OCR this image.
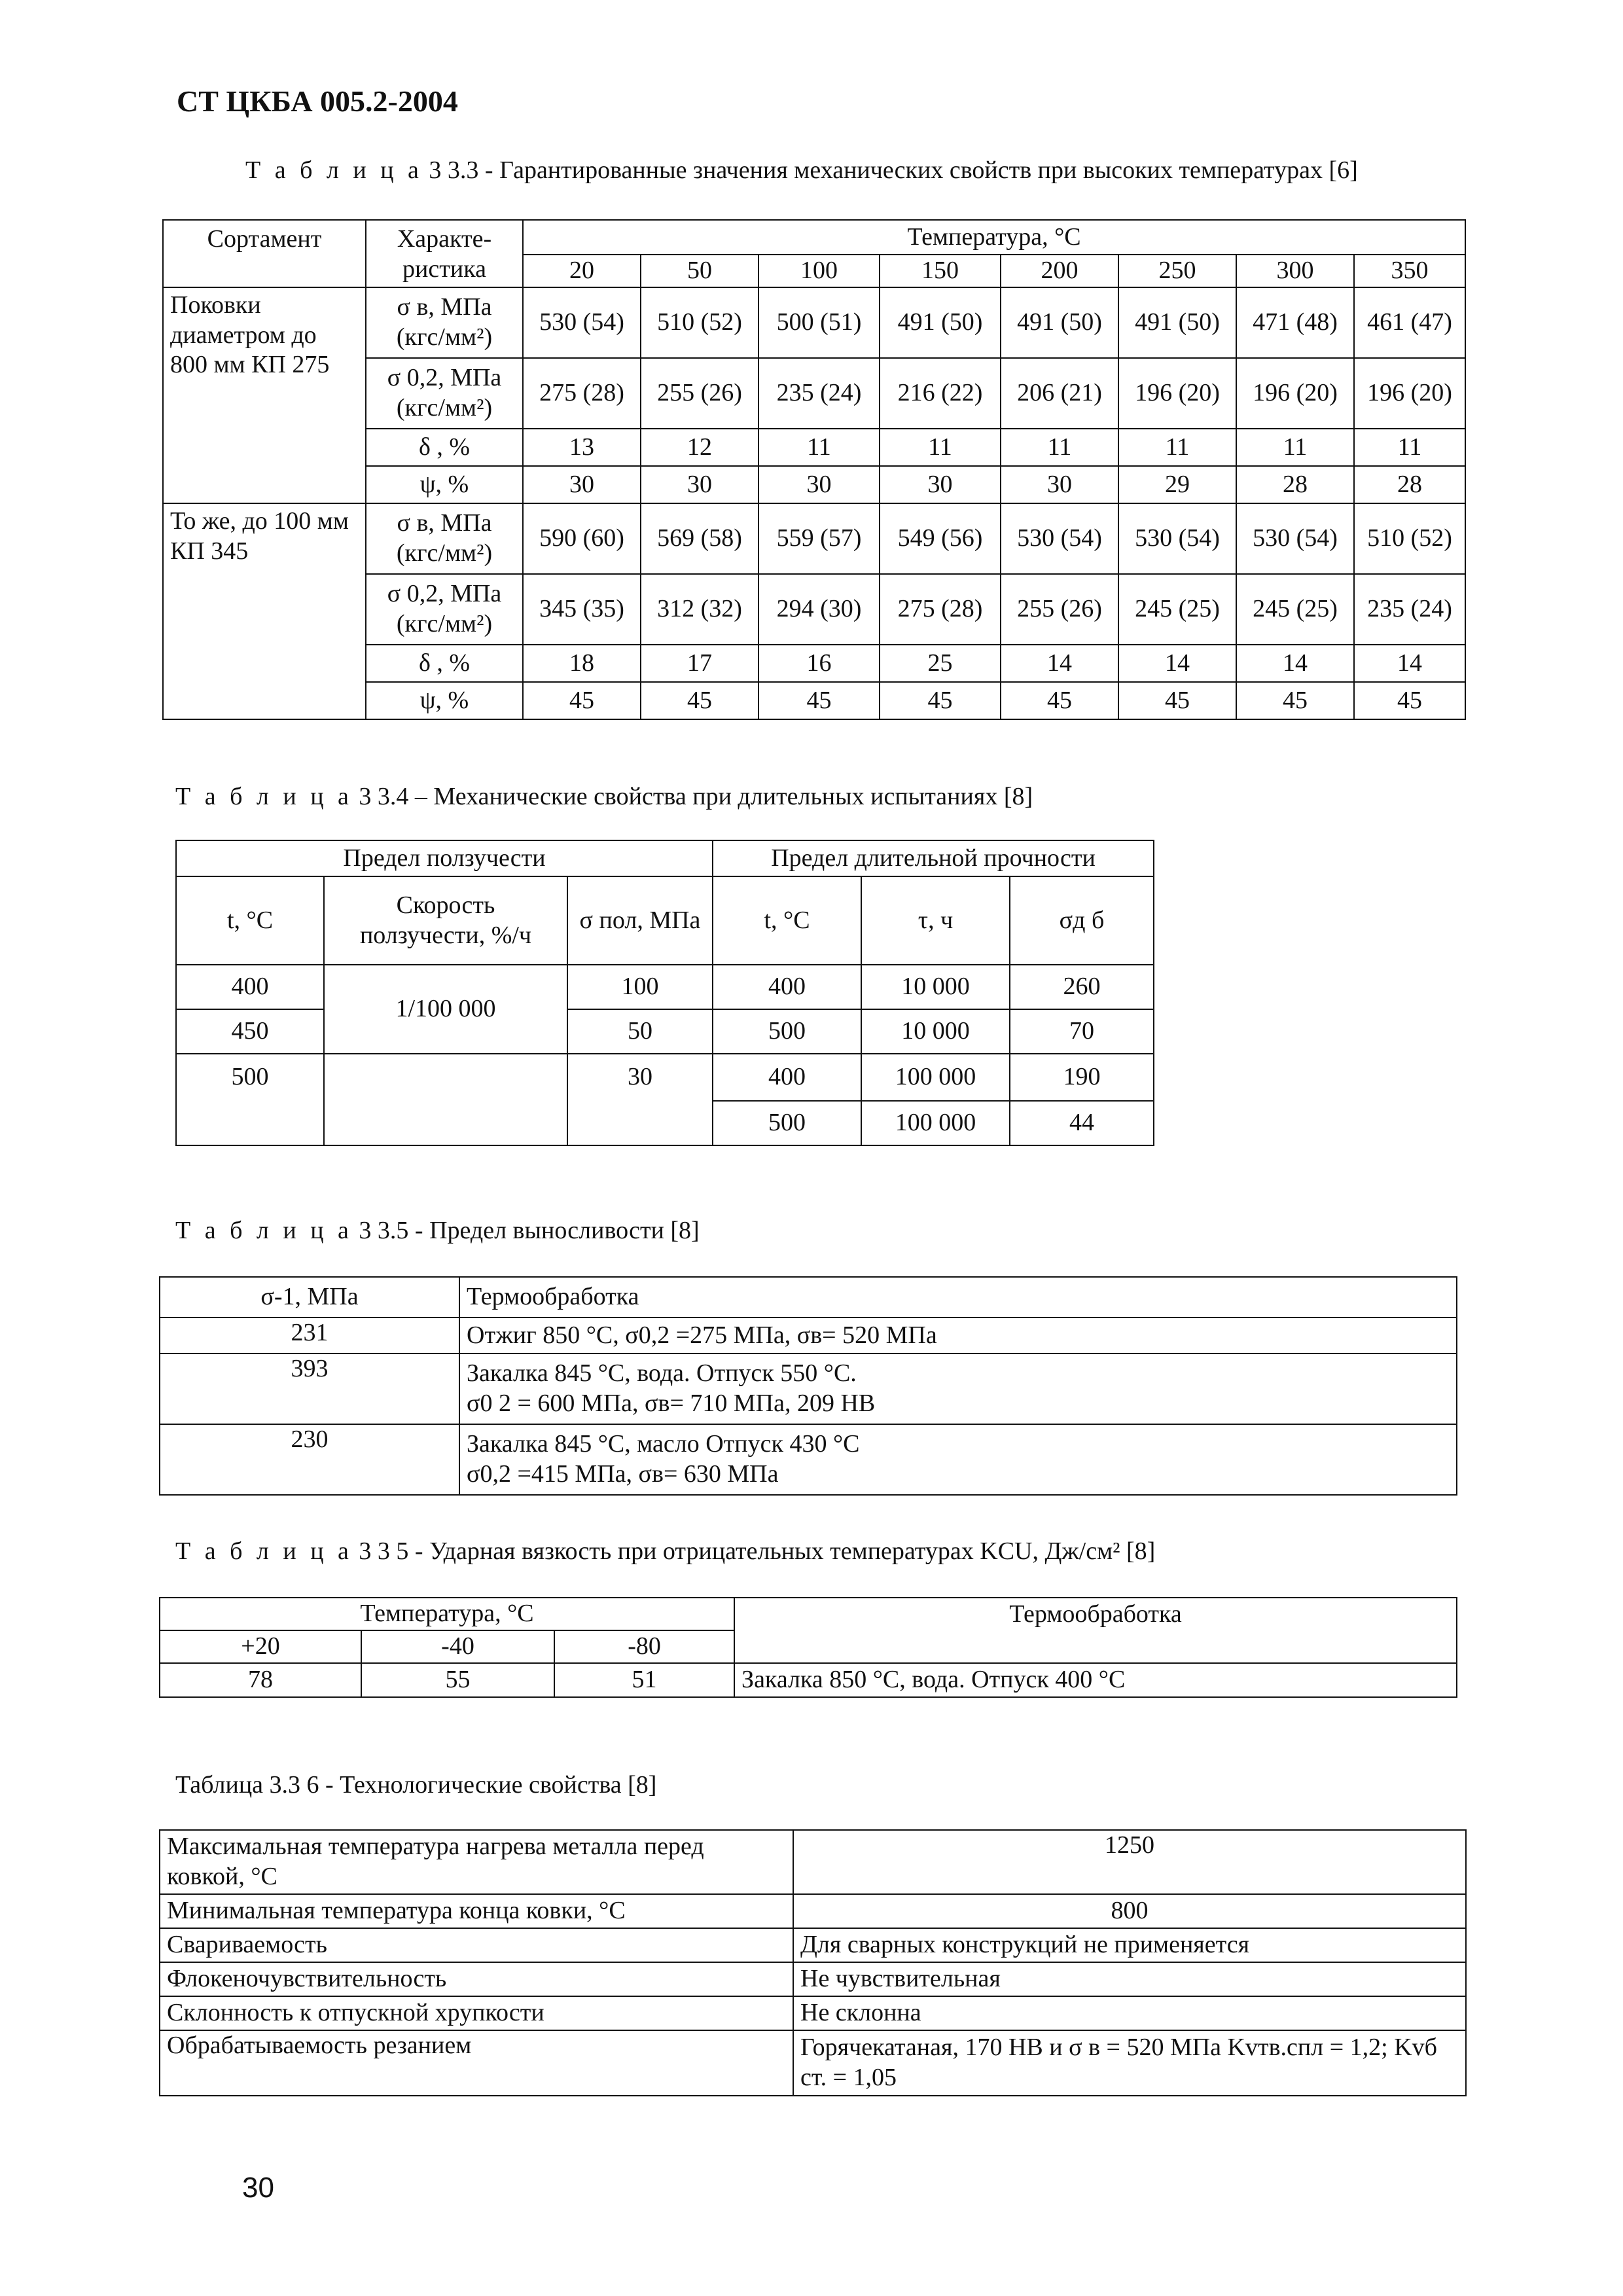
СТ ЦКБА 005.2-2004
Т а б л и ц а 3 3.3 - Гарантированные значения механических свойств при высоких температурах [6]
Сортамент	Характе-ристика	Температура, °С							
		20	50	100	150	200	250	300	350
Поковки диаметром до 800 мм КП 275	σ в, МПа (кгс/мм²)	530 (54)	510 (52)	500 (51)	491 (50)	491 (50)	491 (50)	471 (48)	461 (47)
	σ 0,2, МПа (кгс/мм²)	275 (28)	255 (26)	235 (24)	216 (22)	206 (21)	196 (20)	196 (20)	196 (20)
	δ , %	13	12	11	11	11	11	11	11
	ψ, %	30	30	30	30	30	29	28	28
То же, до 100 мм КП 345	σ в, МПа (кгс/мм²)	590 (60)	569 (58)	559 (57)	549 (56)	530 (54)	530 (54)	530 (54)	510 (52)
	σ 0,2, МПа (кгс/мм²)	345 (35)	312 (32)	294 (30)	275 (28)	255 (26)	245 (25)	245 (25)	235 (24)
	δ , %	18	17	16	25	14	14	14	14
	ψ, %	45	45	45	45	45	45	45	45
Т а б л и ц а 3 3.4 – Механические свойства при длительных испытаниях [8]
Предел ползучести			Предел длительной прочности		
t, °С	Скорость ползучести, %/ч	σ пол, МПа	t, °С	τ, ч	σд б
400	1/100 000	100	400	10 000	260
450		50	500	10 000	70
500		30	400	100 000	190
			500	100 000	44
Т а б л и ц а 3 3.5 - Предел выносливости [8]
σ-1, МПа	Термообработка
231	Отжиг 850 °С, σ0,2 =275 МПа, σв= 520 МПа
393	Закалка 845 °С, вода. Отпуск 550 °С.
σ0 2 = 600 МПа, σв= 710 МПа, 209 НВ

230	Закалка 845 °С, масло Отпуск 430 °С
σ0,2 =415 МПа, σв= 630 МПа
Т а б л и ц а 3 3 5 - Ударная вязкость при отрицательных температурах KCU, Дж/см² [8]
Температура, °С			Термообработка
+20	-40	-80	
78	55	51	Закалка 850 °С, вода. Отпуск 400 °С
Таблица 3.3 6 - Технологические свойства [8]
Максимальная температура нагрева металла перед ковкой, °С	1250
Минимальная температура конца ковки, °С	800
Свариваемость	Для сварных конструкций не применяется
Флокеночувствительность	Не чувствительная
Склонность к отпускной хрупкости	Не склонна
Обрабатываемость резанием	Горячекатаная, 170 НВ и σ в = 520 МПа Kvтв.спл = 1,2; Kvб ст. = 1,05
30
